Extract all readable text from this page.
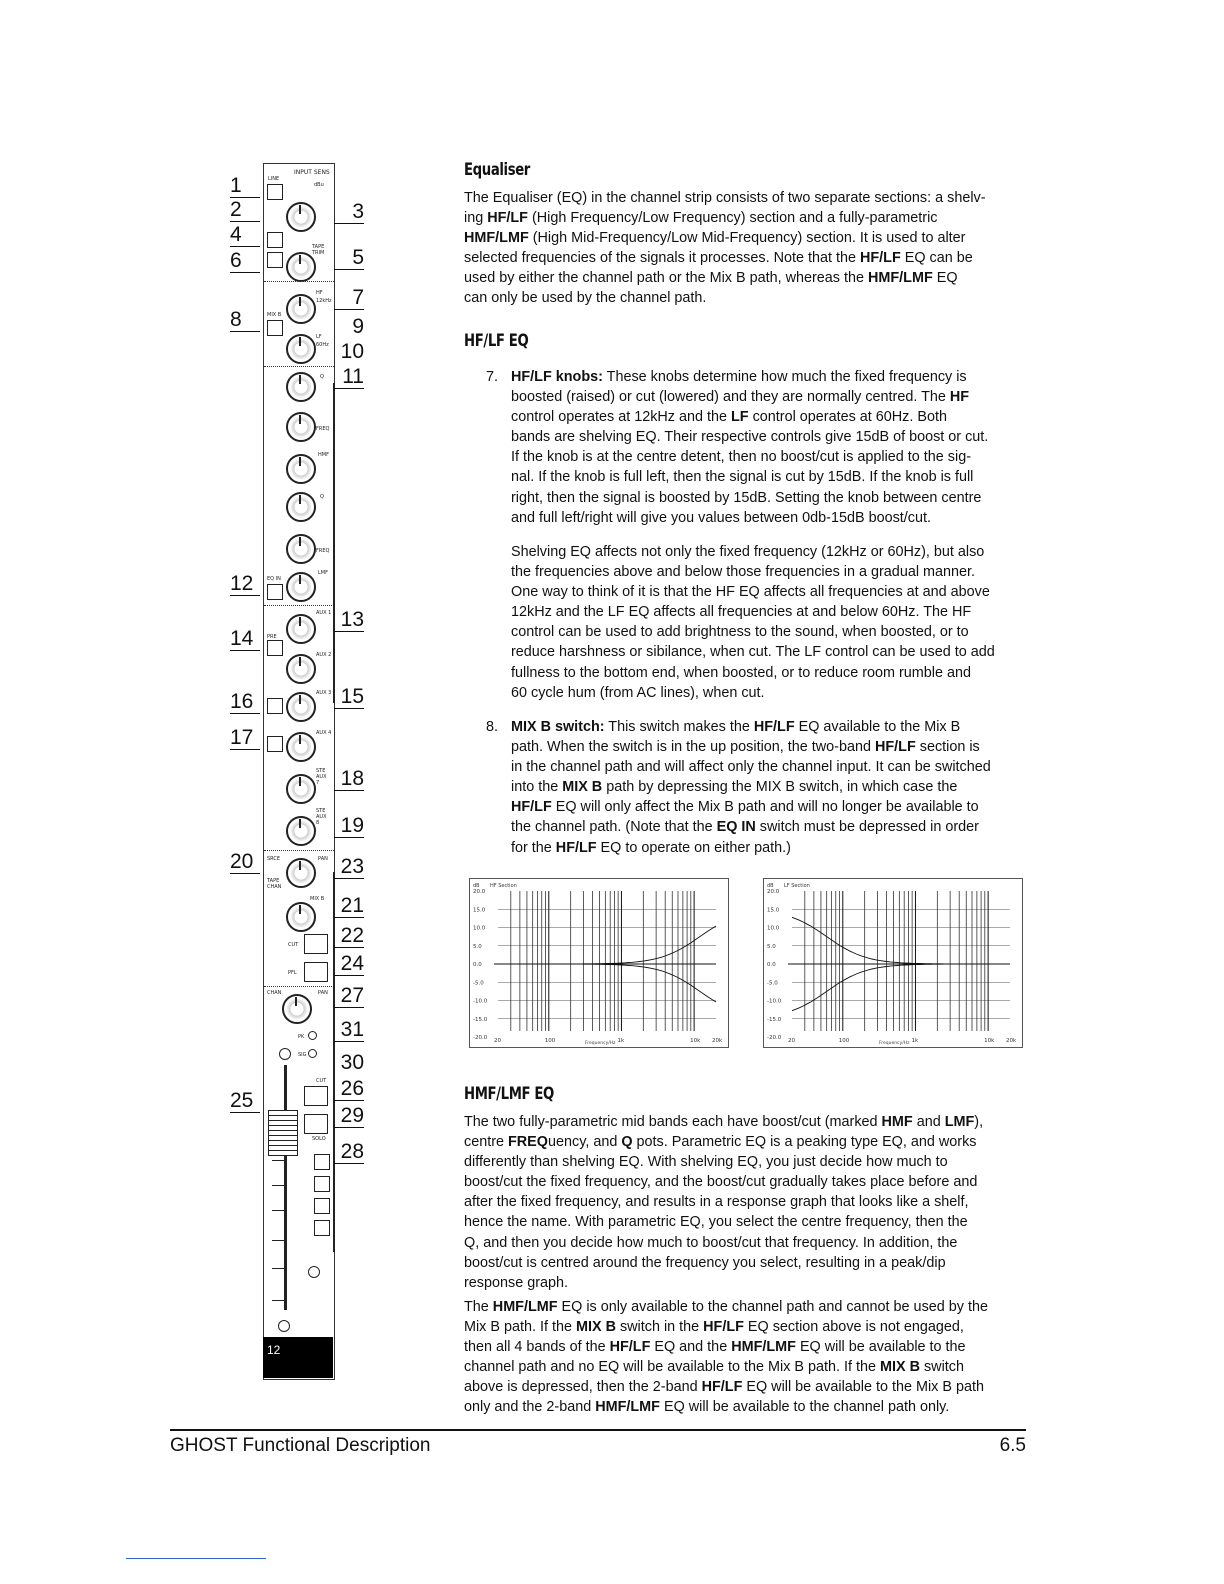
INPUT SENS
dBu
LINE
TAPE TRIM
HF
12kHz
MIX B
LF
60Hz
Q
FREQ
HMF
Q
FREQ
LMF
EQ IN
AUX 1
PRE
AUX 2
AUX 3
AUX 4
STE AUX 7
STE AUX 8
SRCE	PAN
TAPE
CHAN
MIX B
CUT
PFL
CHAN	PAN
PK
SIG
CUT
SOLO
12
1
2
4
6
8
12
14
16
17
20
25
3
5
7
9
10
11
13
15
18
19
23
21
22
24
27
31
30
26
29
28
Equaliser
The Equaliser (EQ) in the channel strip consists of two separate sections: a shelv-
ing HF/LF (High Frequency/Low Frequency) section and a fully-parametric
HMF/LMF (High Mid-Frequency/Low Mid-Frequency) section. It is used to alter
selected frequencies of the signals it processes. Note that the HF/LF EQ can be
used by either the channel path or the Mix B path, whereas the HMF/LMF EQ
can only be used by the channel path.
HF/LF EQ
7. HF/LF knobs: These knobs determine how much the fixed frequency is
boosted (raised) or cut (lowered) and they are normally centred. The HF
control operates at 12kHz and the LF control operates at 60Hz. Both
bands are shelving EQ. Their respective controls give 15dB of boost or cut.
If the knob is at the centre detent, then no boost/cut is applied to the sig-
nal. If the knob is full left, then the signal is cut by 15dB. If the knob is full
right, then the signal is boosted by 15dB. Setting the knob between centre
and full left/right will give you values between 0db-15dB boost/cut.
Shelving EQ affects not only the fixed frequency (12kHz or 60Hz), but also
the frequencies above and below those frequencies in a gradual manner.
One way to think of it is that the HF EQ affects all frequencies at and above
12kHz and the LF EQ affects all frequencies at and below 60Hz. The HF
control can be used to add brightness to the sound, when boosted, or to
reduce harshness or sibilance, when cut. The LF control can be used to add
fullness to the bottom end, when boosted, or to reduce room rumble and
60 cycle hum (from AC lines), when cut.
8. MIX B switch: This switch makes the HF/LF EQ available to the Mix B
path. When the switch is in the up position, the two-band HF/LF section is
in the channel path and will affect only the channel input. It can be switched
into the MIX B path by depressing the MIX B switch, in which case the
HF/LF EQ will only affect the Mix B path and will no longer be available to
the channel path. (Note that the EQ IN switch must be depressed in order
for the HF/LF EQ to operate on either path.)
dB HF Section
20.0
15.0
10.0
5.0
0.0
-5.0
-10.0
-15.0
-20.0 20	100	1k	10k 20k
Frequency/Hz
dB LF Section
20.0
15.0
10.0
5.0
0.0
-5.0
-10.0
-15.0
-20.0 20	100	1k	10k 20k
Frequency/Hz
HMF/LMF EQ
The two fully-parametric mid bands each have boost/cut (marked HMF and LMF),
centre FREQuency, and Q pots. Parametric EQ is a peaking type EQ, and works
differently than shelving EQ. With shelving EQ, you just decide how much to
boost/cut the fixed frequency, and the boost/cut gradually takes place before and
after the fixed frequency, and results in a response graph that looks like a shelf,
hence the name. With parametric EQ, you select the centre frequency, then the
Q, and then you decide how much to boost/cut that frequency. In addition, the
boost/cut is centred around the frequency you select, resulting in a peak/dip
response graph.
The HMF/LMF EQ is only available to the channel path and cannot be used by the
Mix B path. If the MIX B switch in the HF/LF EQ section above is not engaged,
then all 4 bands of the HF/LF EQ and the HMF/LMF EQ will be available to the
channel path and no EQ will be available to the Mix B path. If the MIX B switch
above is depressed, then the 2-band HF/LF EQ will be available to the Mix B path
only and the 2-band HMF/LMF EQ will be available to the channel path only.
GHOST Functional Description	6.5
